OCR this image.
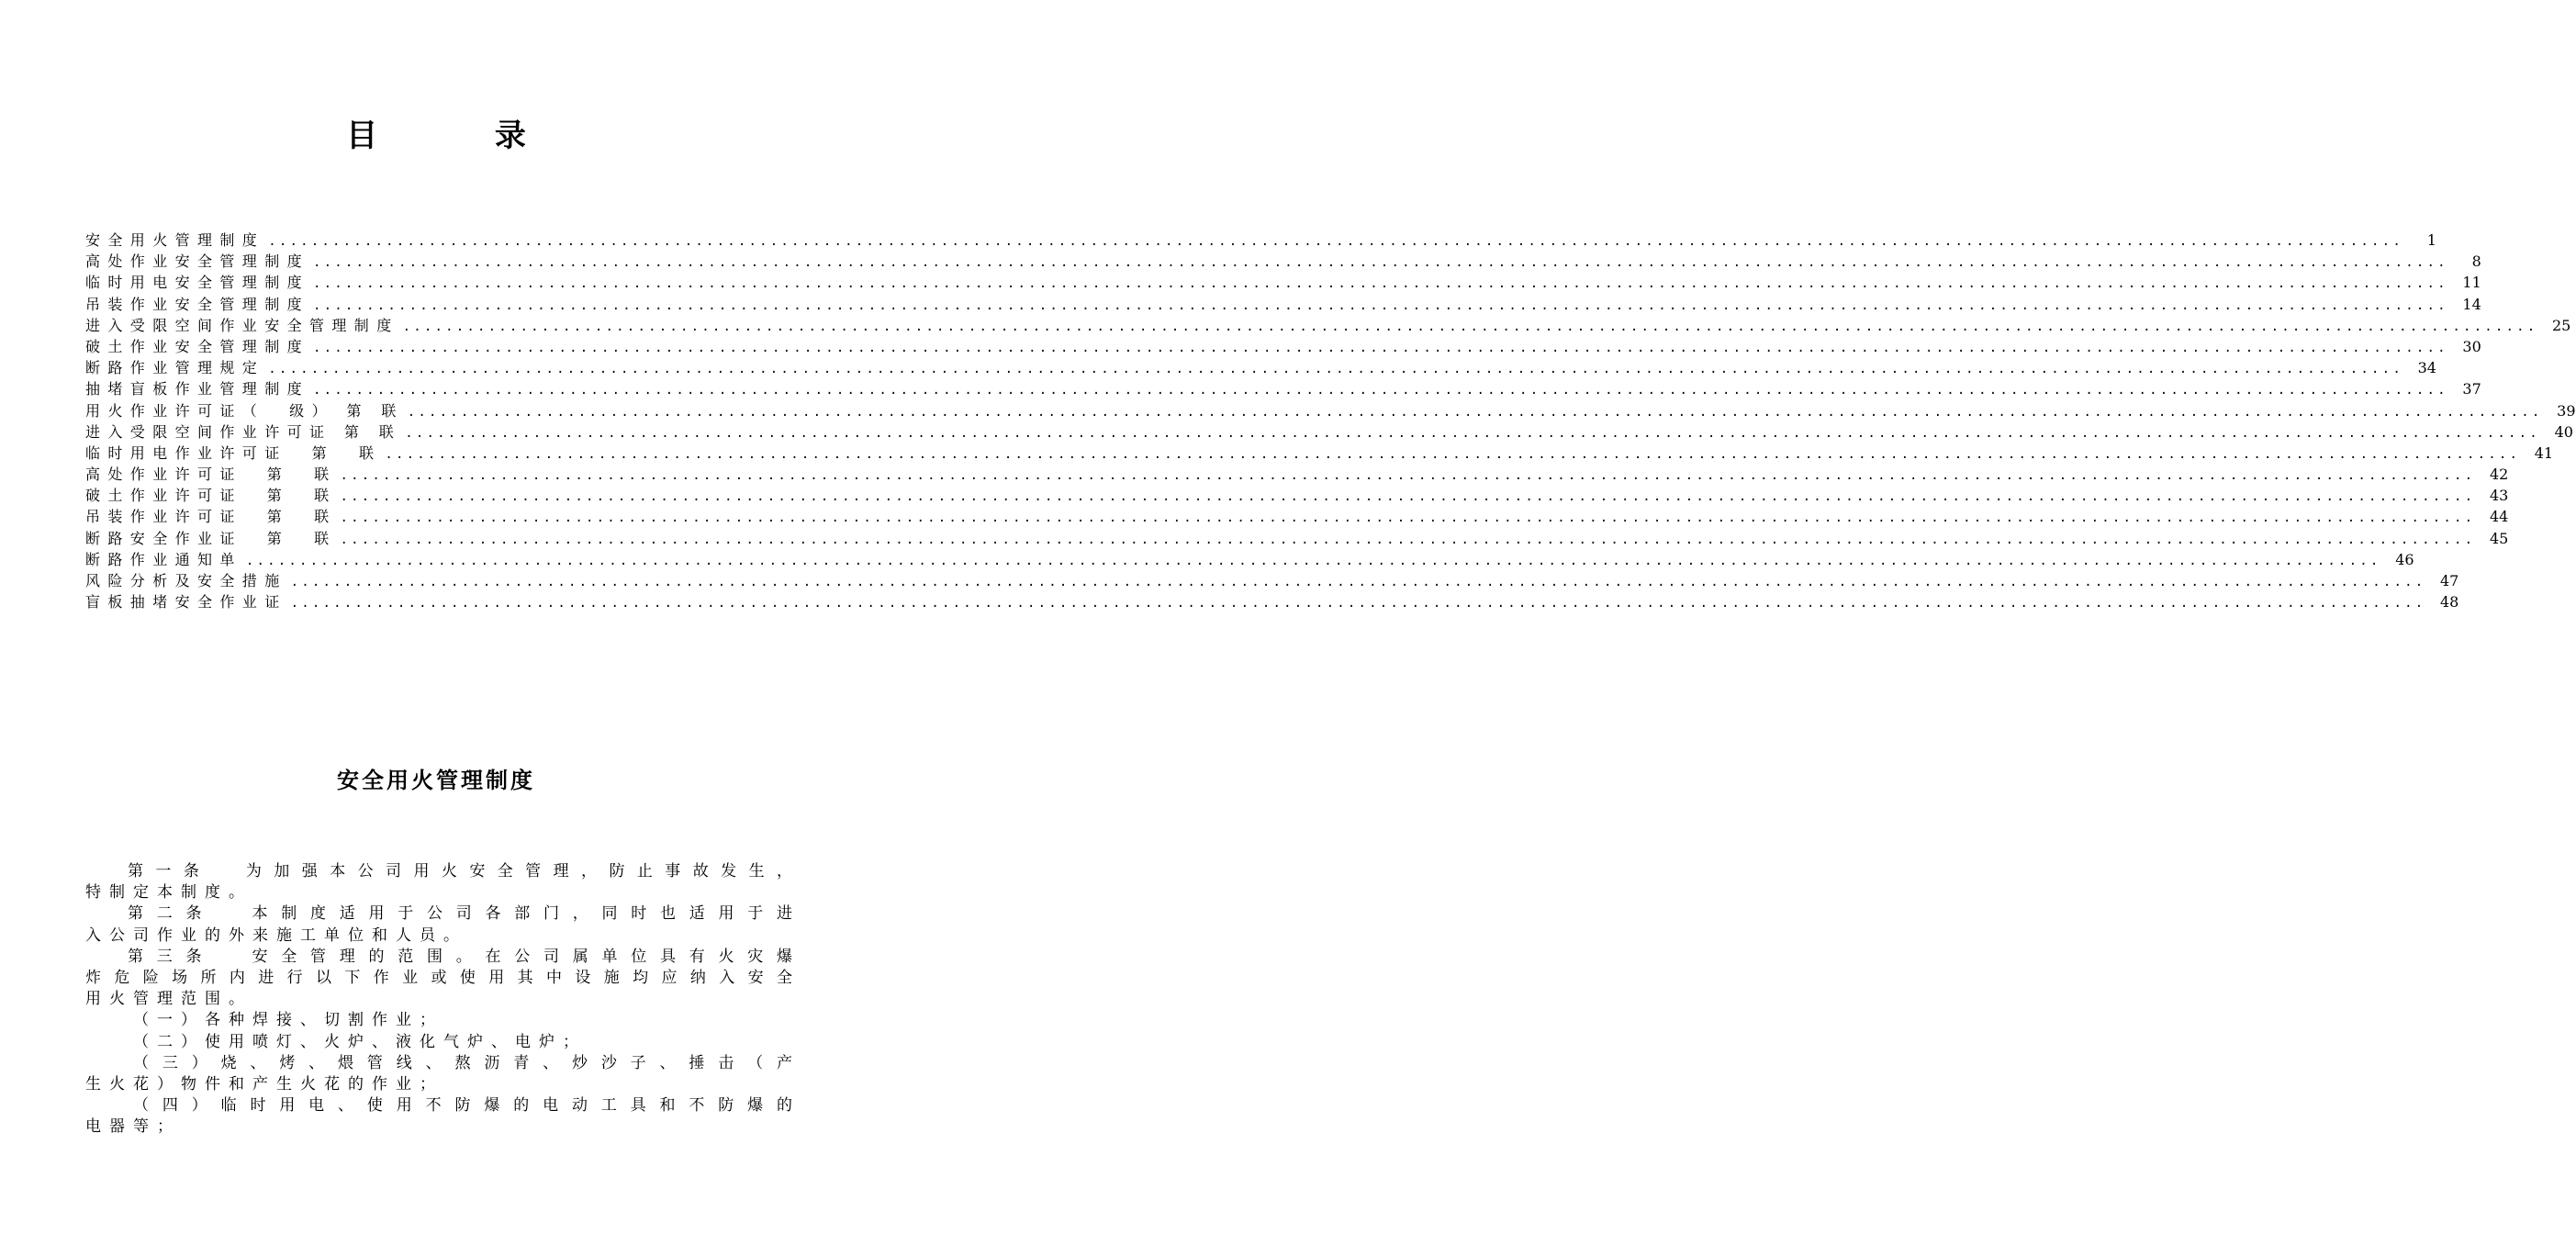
目 录
安全用火管理制度 ........................................................................................................................................................................................................	1
高处作业安全管理制度 ........................................................................................................................................................................................................	8
临时用电安全管理制度 ........................................................................................................................................................................................................ 11
吊装作业安全管理制度 ........................................................................................................................................................................................................ 14
进入受限空间作业安全管理制度 ........................................................................................................................................................................................................ 25
破土作业安全管理制度 ........................................................................................................................................................................................................ 30
断路作业管理规定 ........................................................................................................................................................................................................ 34
抽堵盲板作业管理制度 ........................................................................................................................................................................................................ 37
用火作业许可证（  级） 第 联 ........................................................................................................................................................................................................ 39
进入受限空间作业许可证 第 联 ........................................................................................................................................................................................................ 40
临时用电作业许可证  第  联 ........................................................................................................................................................................................................ 41
高处作业许可证  第  联 ........................................................................................................................................................................................................ 42
破土作业许可证  第  联 ........................................................................................................................................................................................................ 43
吊装作业许可证  第  联 ........................................................................................................................................................................................................ 44
断路安全作业证  第  联 ........................................................................................................................................................................................................ 45
断路作业通知单 ........................................................................................................................................................................................................ 46
风险分析及安全措施 ........................................................................................................................................................................................................ 47
盲板抽堵安全作业证 ........................................................................................................................................................................................................ 48
安全用火管理制度
第一条  为加强本公司用火安全管理，防止事故发生，
特制定本制度。
第二条  本制度适用于公司各部门，同时也适用于进
入公司作业的外来施工单位和人员。
第三条  安全管理的范围。在公司属单位具有火灾爆
炸危险场所内进行以下作业或使用其中设施均应纳入安全
用火管理范围。
（一）各种焊接、切割作业；
（二）使用喷灯、火炉、液化气炉、电炉；
（三）烧、烤、煨管线、熬沥青、炒沙子、捶击（产
生火花）物件和产生火花的作业；
（四）临时用电、使用不防爆的电动工具和不防爆的
电器等；
